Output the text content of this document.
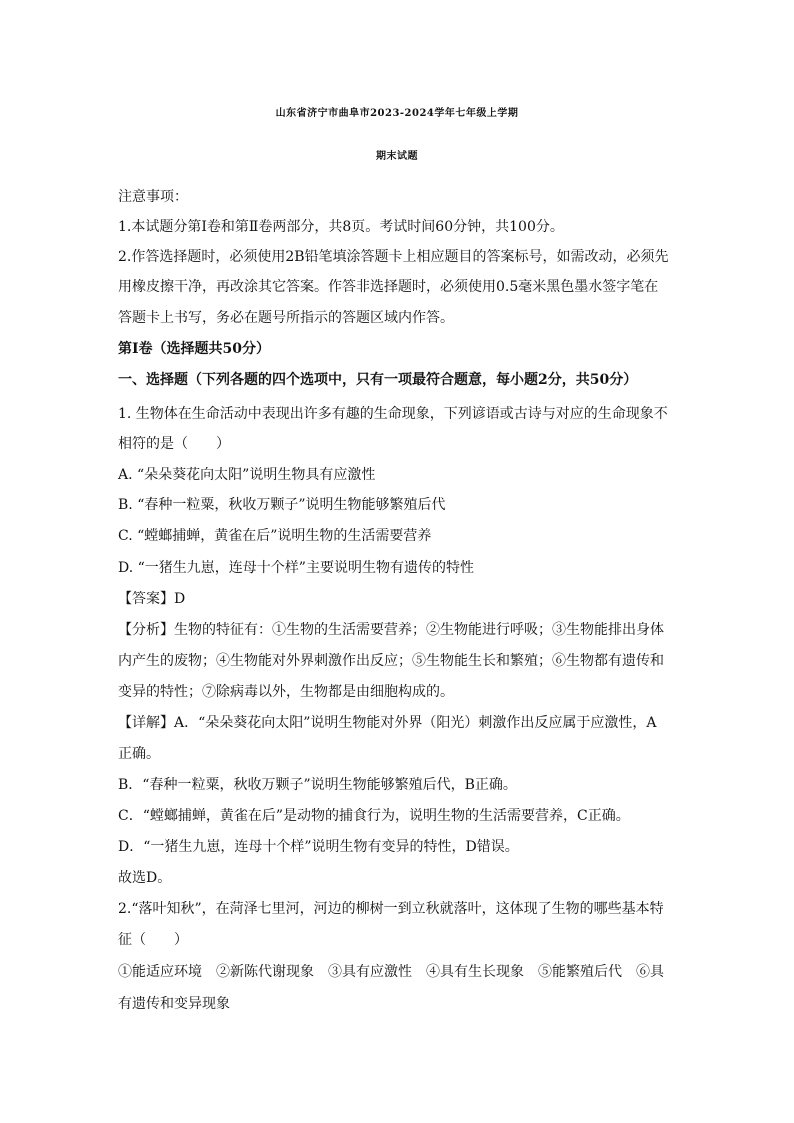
山东省济宁市曲阜市2023-2024学年七年级上学期
期末试题
注意事项：
1.本试题分第Ⅰ卷和第Ⅱ卷两部分，共8页。考试时间60分钟，共100分。
2.作答选择题时，必须使用2B铅笔填涂答题卡上相应题目的答案标号，如需改动，必须先
用橡皮擦干净，再改涂其它答案。作答非选择题时，必须使用0.5毫米黑色墨水签字笔在
答题卡上书写，务必在题号所指示的答题区域内作答。
第Ⅰ卷（选择题共50分）
一、选择题（下列各题的四个选项中，只有一项最符合题意，每小题2分，共50分）
1. 生物体在生命活动中表现出许多有趣的生命现象，下列谚语或古诗与对应的生命现象不
相符的是（　　）
A. “朵朵葵花向太阳”说明生物具有应激性
B. “春种一粒粟，秋收万颗子”说明生物能够繁殖后代
C. “螳螂捕蝉，黄雀在后”说明生物的生活需要营养
D. “一猪生九崽，连母十个样”主要说明生物有遗传的特性
【答案】D
【分析】生物的特征有：①生物的生活需要营养；②生物能进行呼吸；③生物能排出身体
内产生的废物；④生物能对外界刺激作出反应；⑤生物能生长和繁殖；⑥生物都有遗传和
变异的特性；⑦除病毒以外，生物都是由细胞构成的。
【详解】A．“朵朵葵花向太阳”说明生物能对外界（阳光）刺激作出反应属于应激性，A
正确。
B．“春种一粒粟，秋收万颗子”说明生物能够繁殖后代，B正确。
C．“螳螂捕蝉，黄雀在后”是动物的捕食行为，说明生物的生活需要营养，C正确。
D．“一猪生九崽，连母十个样”说明生物有变异的特性，D错误。
故选D。
2.“落叶知秋”，在菏泽七里河，河边的柳树一到立秋就落叶，这体现了生物的哪些基本特
征（　　）
①能适应环境　②新陈代谢现象　③具有应激性　④具有生长现象　⑤能繁殖后代　⑥具
有遗传和变异现象
